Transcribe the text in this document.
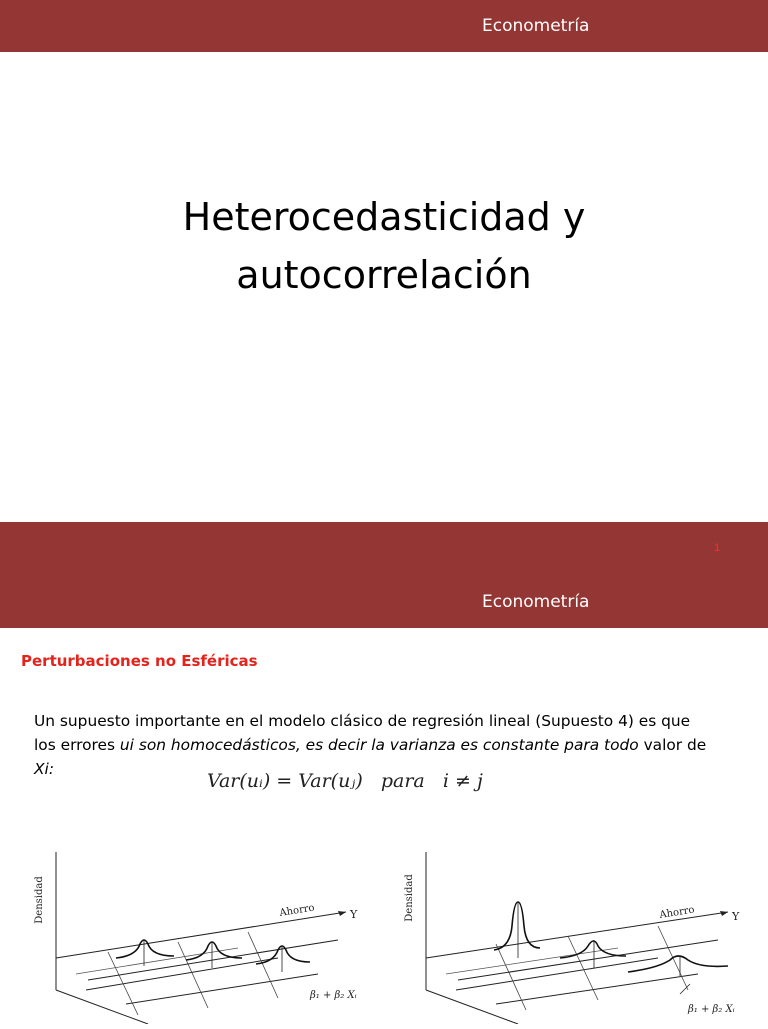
Econometría
Heterocedasticidad y
autocorrelación
1
Econometría
Perturbaciones no Esféricas
Un supuesto importante en el modelo clásico de regresión lineal (Supuesto 4) es que los errores ui son homocedásticos, es decir la varianza es constante para todo valor de Xi:
Var(uᵢ) = Var(uⱼ)   para   i ≠ j
Densidad	Ahorro	Y
β₁ + β₂ Xᵢ
Densidad	Ahorro	Y
β₁ + β₂ Xᵢ
